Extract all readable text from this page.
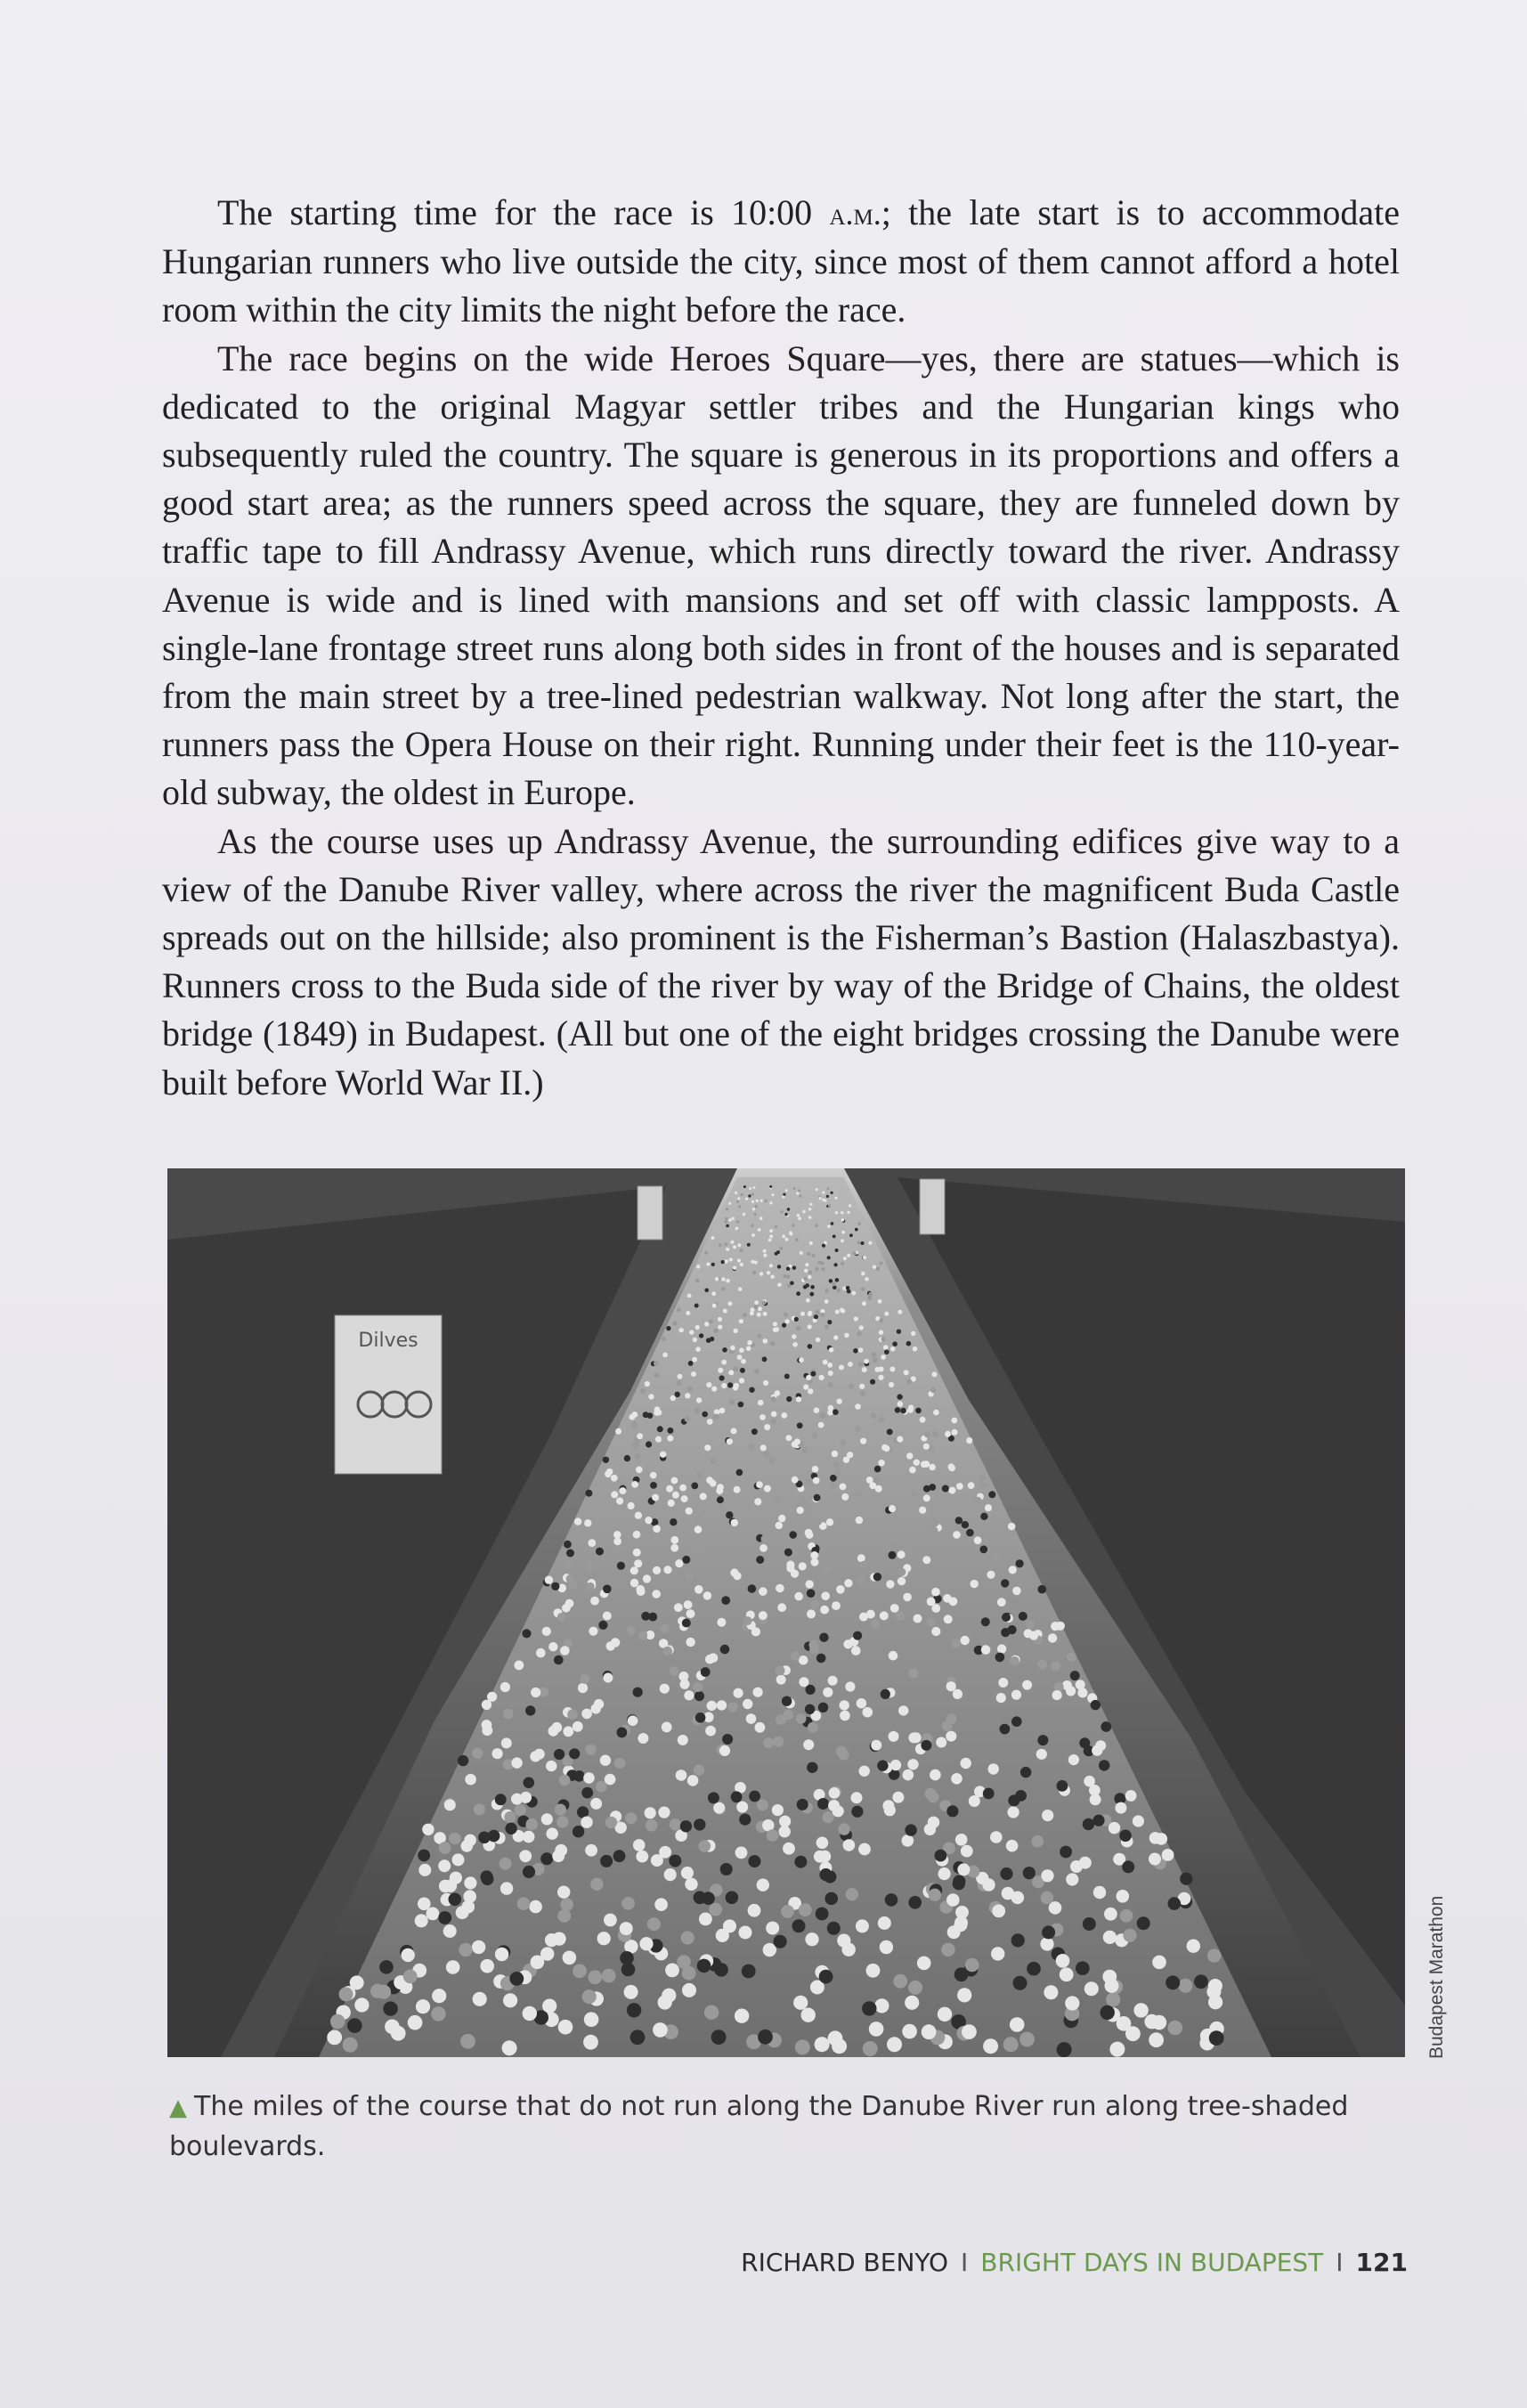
The starting time for the race is 10:00 a.m.; the late start is to accommodate Hungarian runners who live outside the city, since most of them cannot afford a hotel room within the city limits the night before the race.

The race begins on the wide Heroes Square—yes, there are statues—which is dedicated to the original Magyar settler tribes and the Hungarian kings who subsequently ruled the country. The square is generous in its proportions and offers a good start area; as the runners speed across the square, they are funneled down by traffic tape to fill Andrassy Avenue, which runs directly toward the river. Andrassy Avenue is wide and is lined with mansions and set off with classic lampposts. A single-lane frontage street runs along both sides in front of the houses and is separated from the main street by a tree-lined pedestrian walkway. Not long after the start, the runners pass the Opera House on their right. Running under their feet is the 110-year-old subway, the oldest in Europe.

As the course uses up Andrassy Avenue, the surrounding edifices give way to a view of the Danube River valley, where across the river the magnificent Buda Castle spreads out on the hillside; also prominent is the Fisherman’s Bastion (Halaszbastya). Runners cross to the Buda side of the river by way of the Bridge of Chains, the oldest bridge (1849) in Budapest. (All but one of the eight bridges crossing the Danube were built before World War II.)

Dilves
Budapest Marathon
▲ The miles of the course that do not run along the Danube River run along tree-shaded boulevards.
RICHARD BENYO I BRIGHT DAYS IN BUDAPEST I 121
